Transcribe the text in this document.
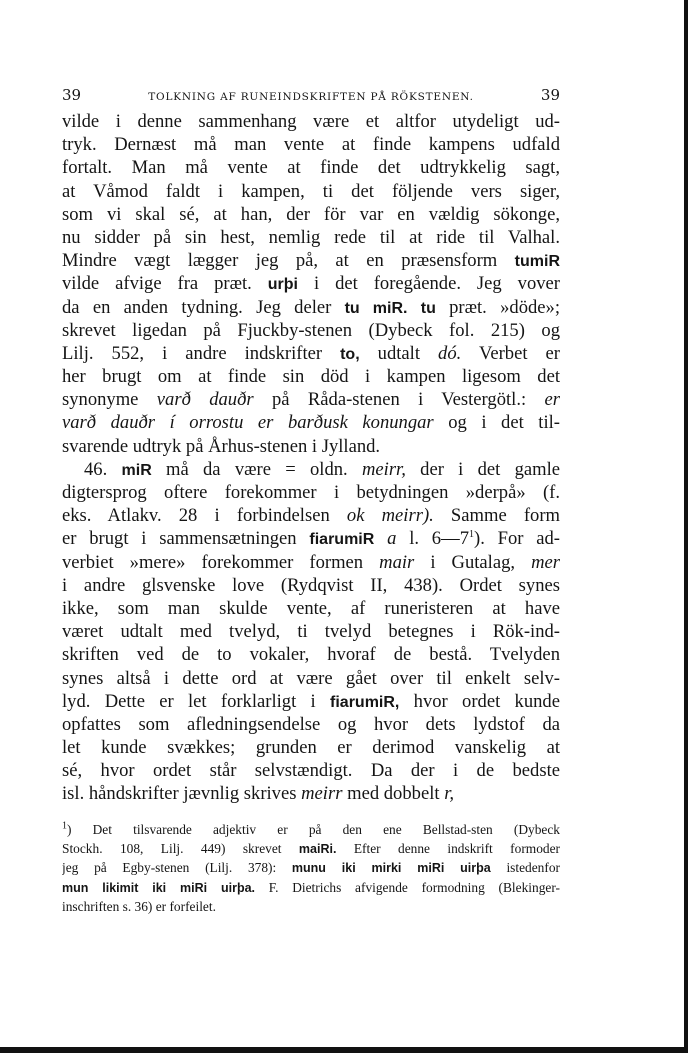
39	TOLKNING AF RUNEINDSKRIFTEN PÅ RÖKSTENEN.	39
vilde i denne sammenhang være et altfor utydeligt ud-
tryk. Dernæst må man vente at finde kampens udfald
fortalt. Man må vente at finde det udtrykkelig sagt,
at Våmod faldt i kampen, ti det följende vers siger,
som vi skal sé, at han, der för var en vældig sökonge,
nu sidder på sin hest, nemlig rede til at ride til Valhal.
Mindre vægt lægger jeg på, at en præsensform tumiR
vilde afvige fra præt. urþi i det foregående. Jeg vover
da en anden tydning. Jeg deler tu miR. tu præt. »döde»;
skrevet ligedan på Fjuckby-stenen (Dybeck fol. 215) og
Lilj. 552, i andre indskrifter to, udtalt dó. Verbet er
her brugt om at finde sin död i kampen ligesom det
synonyme varð dauðr på Råda-stenen i Vestergötl.: er
varð dauðr í orrostu er barðusk konungar og i det til-
svarende udtryk på Århus-stenen i Jylland.
46. miR må da være = oldn. meirr, der i det gamle
digtersprog oftere forekommer i betydningen »derpå» (f.
eks. Atlakv. 28 i forbindelsen ok meirr). Samme form
er brugt i sammensætningen fiarumiR a l. $6—7^1$). For ad-
verbiet »mere» forekommer formen mair i Gutalag, mer
i andre glsvenske love (Rydqvist II, 438). Ordet synes
ikke, som man skulde vente, af runeristeren at have
været udtalt med tvelyd, ti tvelyd betegnes i Rök-ind-
skriften ved de to vokaler, hvoraf de bestå. Tvelyden
synes altså i dette ord at være gået over til enkelt selv-
lyd. Dette er let forklarligt i fiarumiR, hvor ordet kunde
opfattes som afledningsendelse og hvor dets lydstof da
let kunde svækkes; grunden er derimod vanskelig at
sé, hvor ordet står selvstændigt. Da der i de bedste
isl. håndskrifter jævnlig skrives meirr med dobbelt r,
$^1$) Det tilsvarende adjektiv er på den ene Bellstad-sten (Dybeck
Stockh. 108, Lilj. 449) skrevet maiRi. Efter denne indskrift formoder
jeg på Egby-stenen (Lilj. 378): munu iki mirki miRi uirþa istedenfor
mun likimit iki miRi uirþa. F. Dietrichs afvigende formodning (Blekinger-
inschriften s. 36) er forfeilet.
